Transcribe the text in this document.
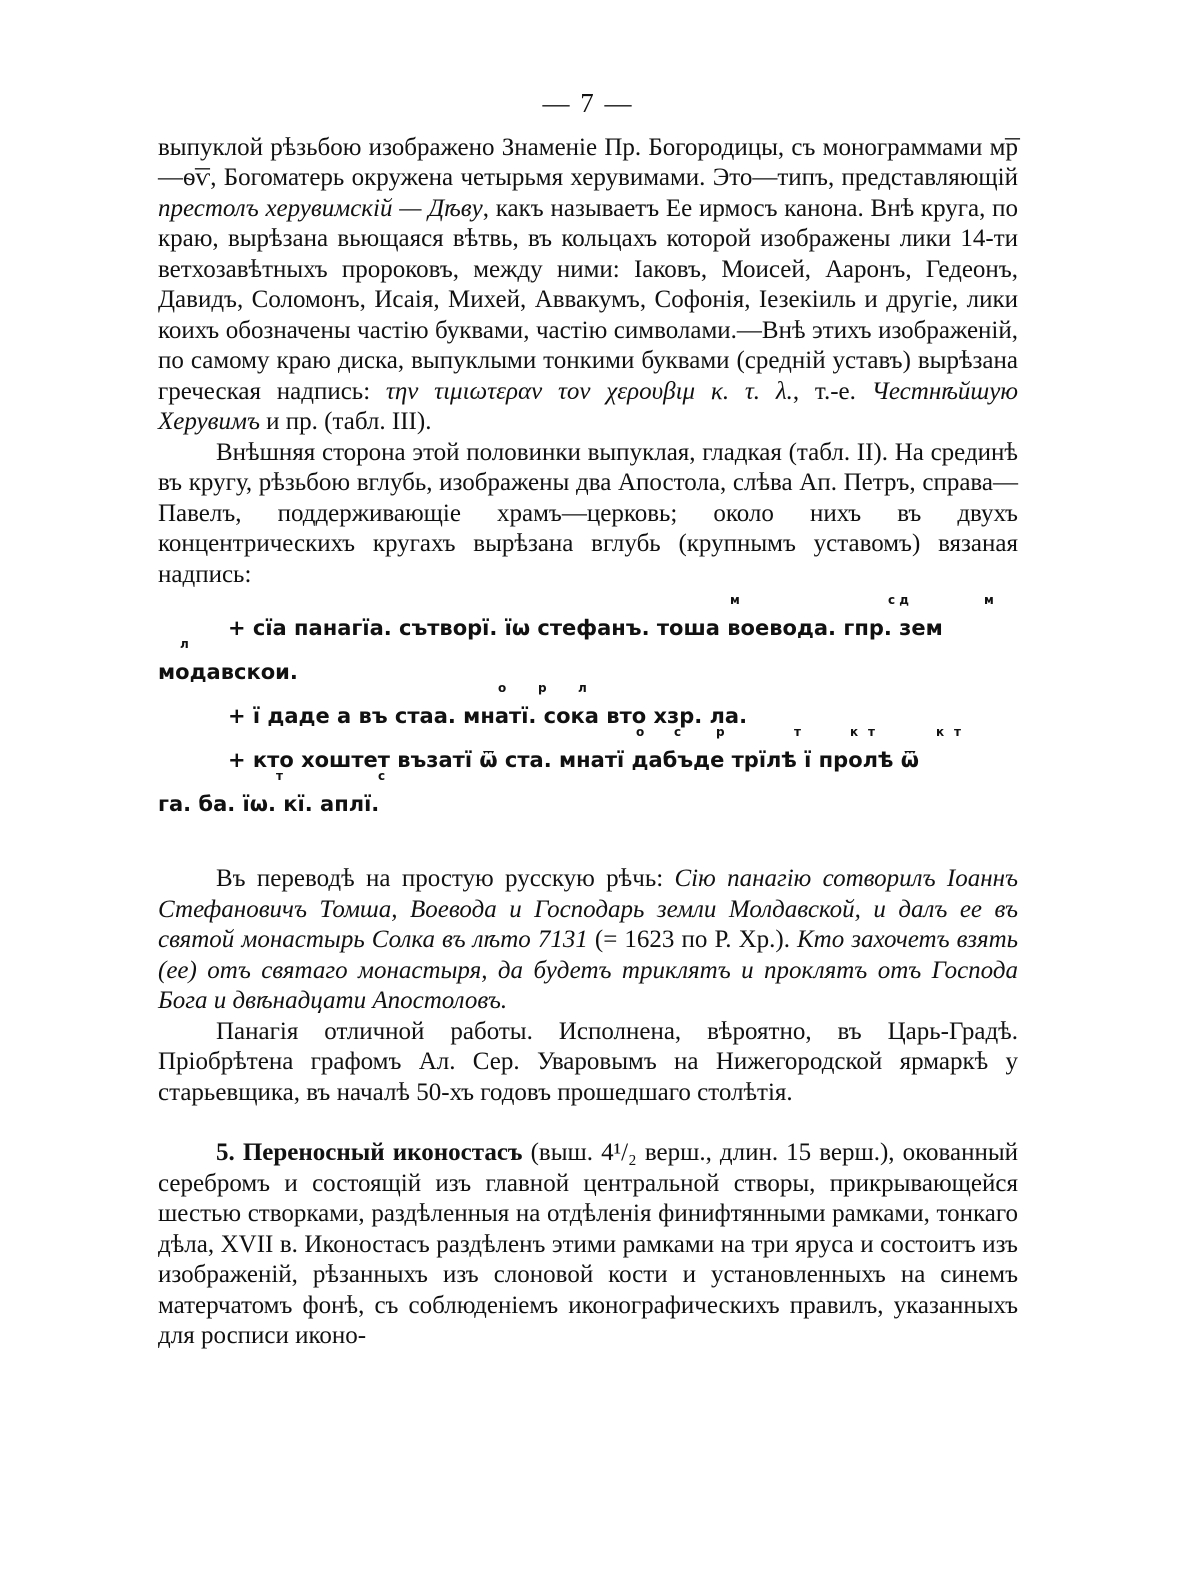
— 7 —

выпуклой рѣзьбою изображено Знаменіе Пр. Богородицы, съ монограммами м͞р—ѳ͞ѵ, Богоматерь окружена четырьмя херувимами. Это—типъ, представляющій престолъ херувимскій — Дѣву, какъ называетъ Ее ирмосъ канона. Внѣ круга, по краю, вырѣзана вьющаяся вѣтвь, въ кольцахъ которой изображены лики 14-ти ветхозавѣтныхъ пророковъ, между ними: Іаковъ, Моисей, Ааронъ, Гедеонъ, Давидъ, Соломонъ, Исаія, Михей, Аввакумъ, Софонія, Іезекіиль и другіе, лики коихъ обозначены частію буквами, частію символами.—Внѣ этихъ изображеній, по самому краю диска, выпуклыми тонкими буквами (средній уставъ) вырѣзана греческая надпись: την τιμιωτεραν τον χερουβιμ κ. τ. λ., т.-е. Честнѣйшую Херувимъ и пр. (табл. III).

Внѣшняя сторона этой половинки выпуклая, гладкая (табл. II). На срединѣ въ кругу, рѣзьбою вглубь, изображены два Апостола, слѣва Ап. Петръ, справа—Павелъ, поддерживающіе храмъ—церковь; около нихъ въ двухъ концентрическихъ кругахъ вырѣзана вглубь (крупнымъ уставомъ) вязаная надпись:

+ сїа панагїа. сътворї. їѡ стефанъ. тоша воевода. гпр. зем
м	с д	м
л
модавскои.
+ ї даде а въ стаа. мнатї. сока вто хзр. ла.
о	р	л
+ кто хоштет възатї ѿ ста. мнатї дабъде трїлѣ ї пролѣ ѿ
о с	р	т	к т	к т
га. ба. їѡ. кї. аплї.
т	с

Въ переводѣ на простую русскую рѣчь: Сію панагію сотворилъ Іоаннъ Стефановичъ Томша, Воевода и Господарь земли Молдавской, и далъ ее въ святой монастырь Солка въ лѣто 7131 (= 1623 по Р. Хр.). Кто захочетъ взять (ее) отъ святаго монастыря, да будетъ триклятъ и проклятъ отъ Господа Бога и двѣнадцати Апостоловъ.

Панагія отличной работы. Исполнена, вѣроятно, въ Царь-Градѣ. Пріобрѣтена графомъ Ал. Сер. Уваровымъ на Нижегородской ярмаркѣ у старьевщика, въ началѣ 50-хъ годовъ прошедшаго столѣтія.

5. Переносный иконостасъ (выш. 4¹/₂ верш., длин. 15 верш.), окованный серебромъ и состоящій изъ главной центральной створы, прикрывающейся шестью створками, раздѣленныя на отдѣленія финифтянными рамками, тонкаго дѣла, XVII в. Иконостасъ раздѣленъ этими рамками на три яруса и состоитъ изъ изображеній, рѣзанныхъ изъ слоновой кости и установленныхъ на синемъ матерчатомъ фонѣ, съ соблюденіемъ иконографическихъ правилъ, указанныхъ для росписи иконо-
